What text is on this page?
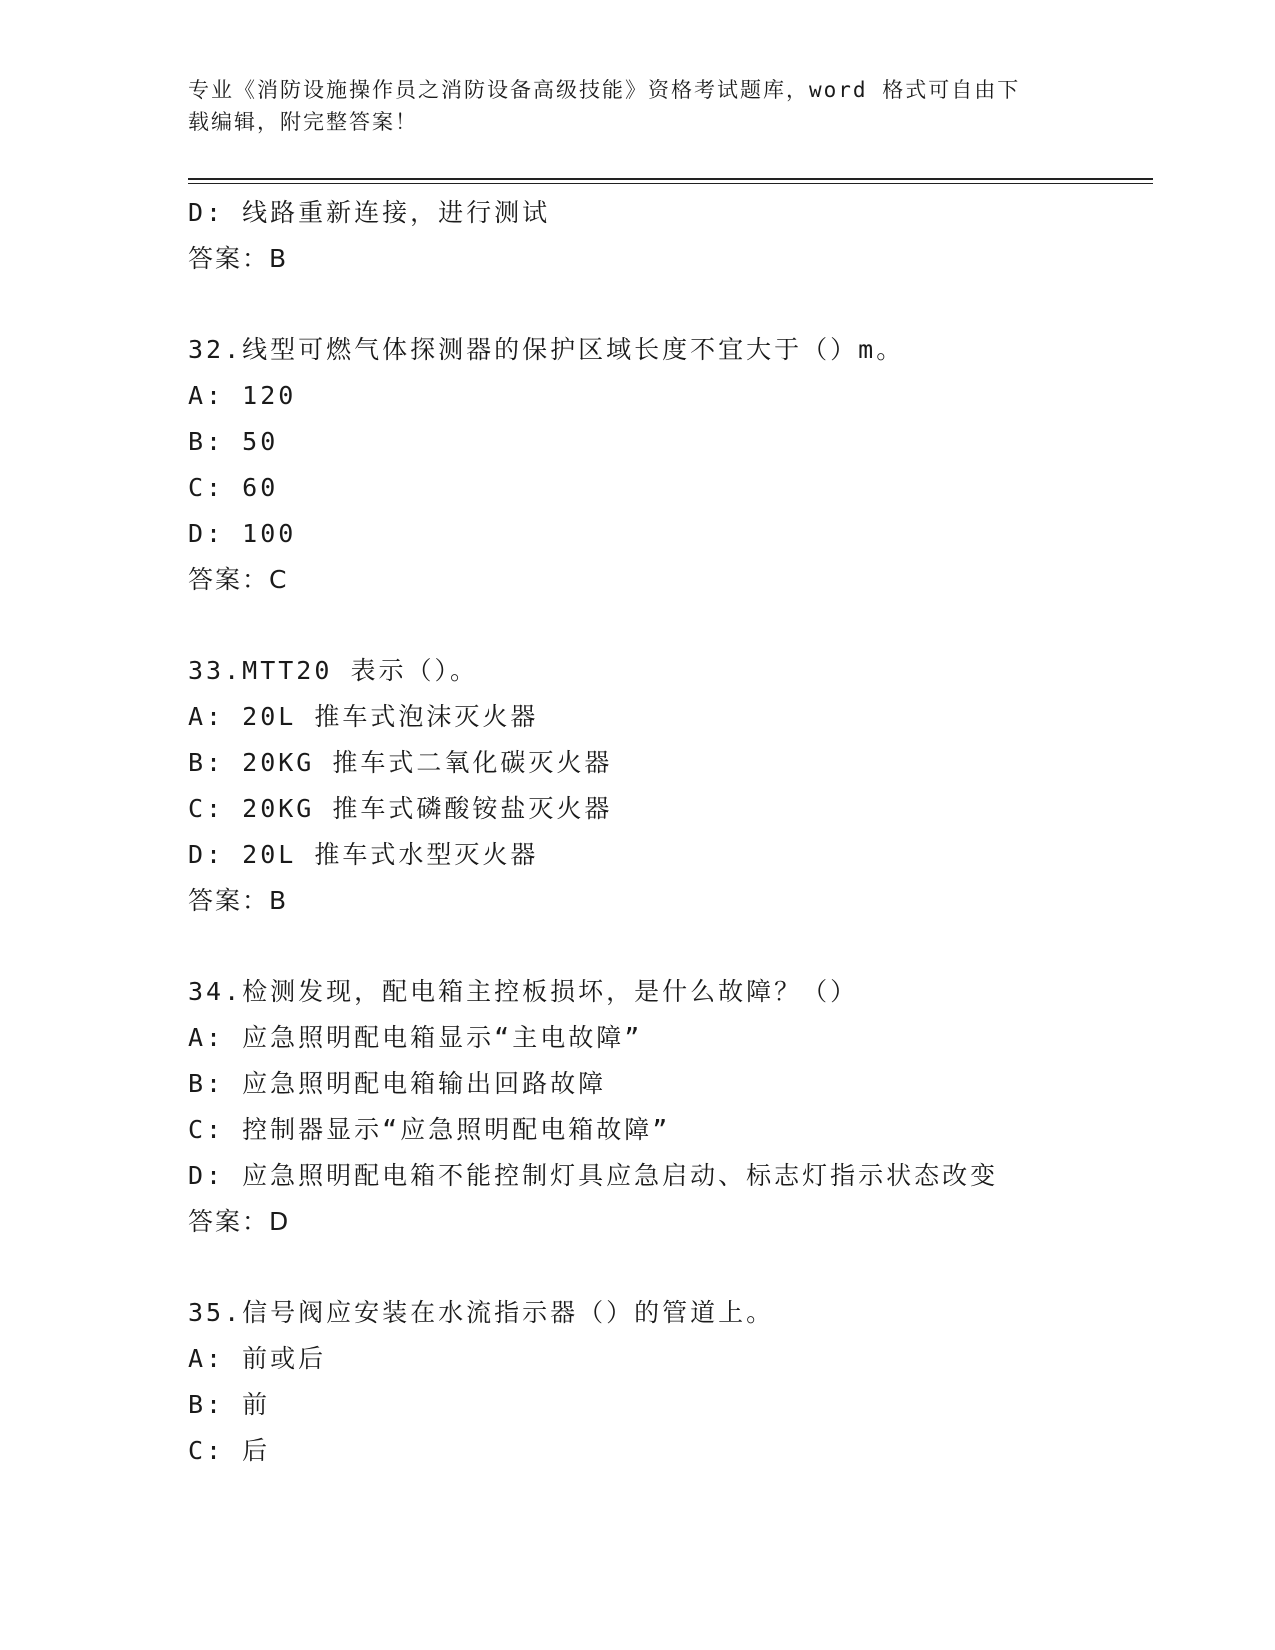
专业《消防设施操作员之消防设备高级技能》资格考试题库，word 格式可自由下
载编辑，附完整答案！
D: 线路重新连接，进行测试
答案：B
32.线型可燃气体探测器的保护区域长度不宜大于（）m。
A: 120
B: 50
C: 60
D: 100
答案：C
33.MTT20 表示（）。
A: 20L 推车式泡沫灭火器
B: 20KG 推车式二氧化碳灭火器
C: 20KG 推车式磷酸铵盐灭火器
D: 20L 推车式水型灭火器
答案：B
34.检测发现，配电箱主控板损坏，是什么故障？（）
A: 应急照明配电箱显示“主电故障”
B: 应急照明配电箱输出回路故障
C: 控制器显示“应急照明配电箱故障”
D: 应急照明配电箱不能控制灯具应急启动、标志灯指示状态改变
答案：D
35.信号阀应安装在水流指示器（）的管道上。
A: 前或后
B: 前
C: 后
